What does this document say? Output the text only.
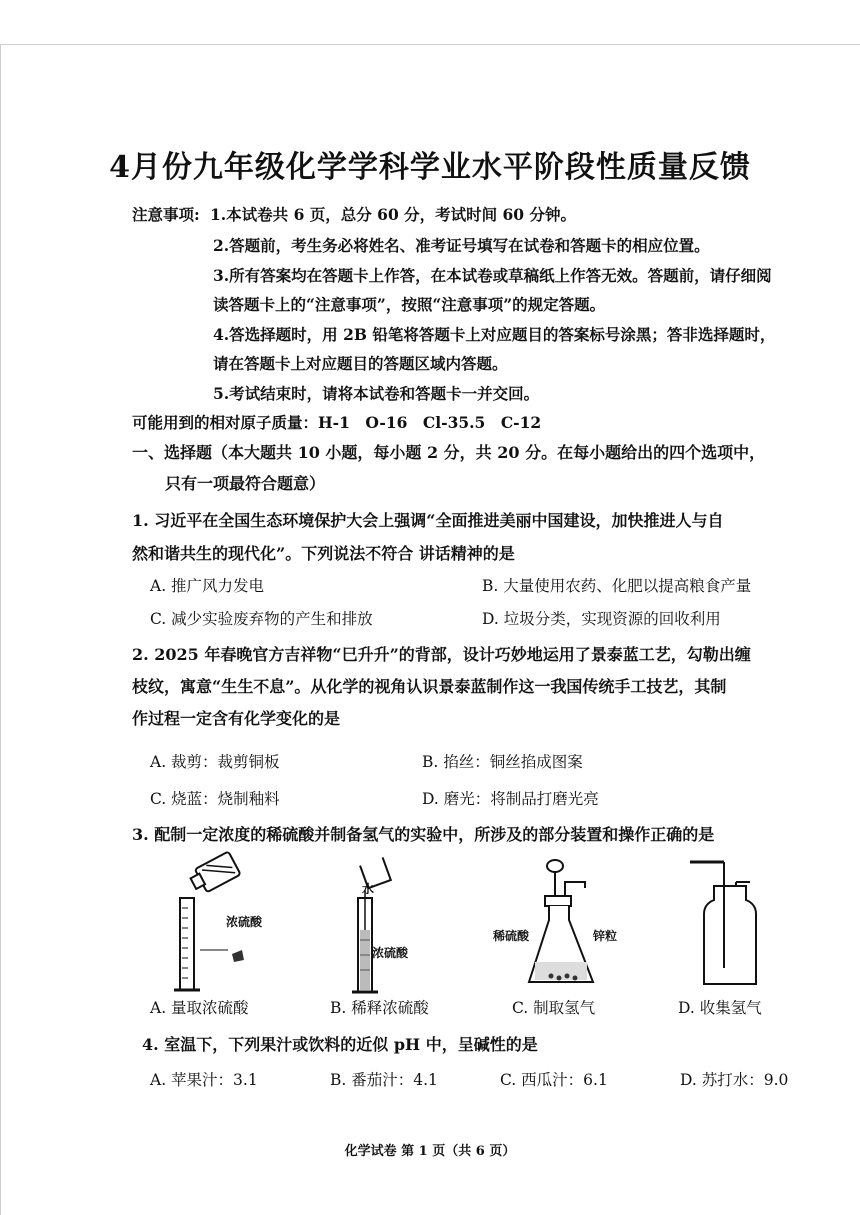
4月份九年级化学学科学业水平阶段性质量反馈
注意事项: 1.本试卷共 6 页，总分 60 分，考试时间 60 分钟。
2.答题前，考生务必将姓名、准考证号填写在试卷和答题卡的相应位置。
3.所有答案均在答题卡上作答，在本试卷或草稿纸上作答无效。答题前，请仔细阅
读答题卡上的“注意事项”，按照“注意事项”的规定答题。
4.答选择题时，用 2B 铅笔将答题卡上对应题目的答案标号涂黑；答非选择题时，
请在答题卡上对应题目的答题区域内答题。
5.考试结束时，请将本试卷和答题卡一并交回。
可能用到的相对原子质量：H-1　O-16　Cl-35.5　C-12
一、选择题（本大题共 10 小题，每小题 2 分，共 20 分。在每小题给出的四个选项中，
只有一项最符合题意）
1. 习近平在全国生态环境保护大会上强调“全面推进美丽中国建设，加快推进人与自
然和谐共生的现代化”。下列说法不符合 讲话精神的是
A. 推广风力发电	B. 大量使用农药、化肥以提高粮食产量
C. 减少实验废弃物的产生和排放	D. 垃圾分类，实现资源的回收利用
2. 2025 年春晚官方吉祥物“巳升升”的背部，设计巧妙地运用了景泰蓝工艺，勾勒出缠
枝纹，寓意“生生不息”。从化学的视角认识景泰蓝制作这一我国传统手工技艺，其制
作过程一定含有化学变化的是
A. 裁剪：裁剪铜板	B. 掐丝：铜丝掐成图案
C. 烧蓝：烧制釉料	D. 磨光：将制品打磨光亮
3. 配制一定浓度的稀硫酸并制备氢气的实验中，所涉及的部分装置和操作正确的是
浓硫酸
水
浓硫酸
稀硫酸	锌粒
A. 量取浓硫酸	B. 稀释浓硫酸	C. 制取氢气	D. 收集氢气
4. 室温下，下列果汁或饮料的近似 pH 中，呈碱性的是
A. 苹果汁：3.1	B. 番茄汁：4.1	C. 西瓜汁：6.1	D. 苏打水：9.0
化学试卷 第 1 页（共 6 页）
